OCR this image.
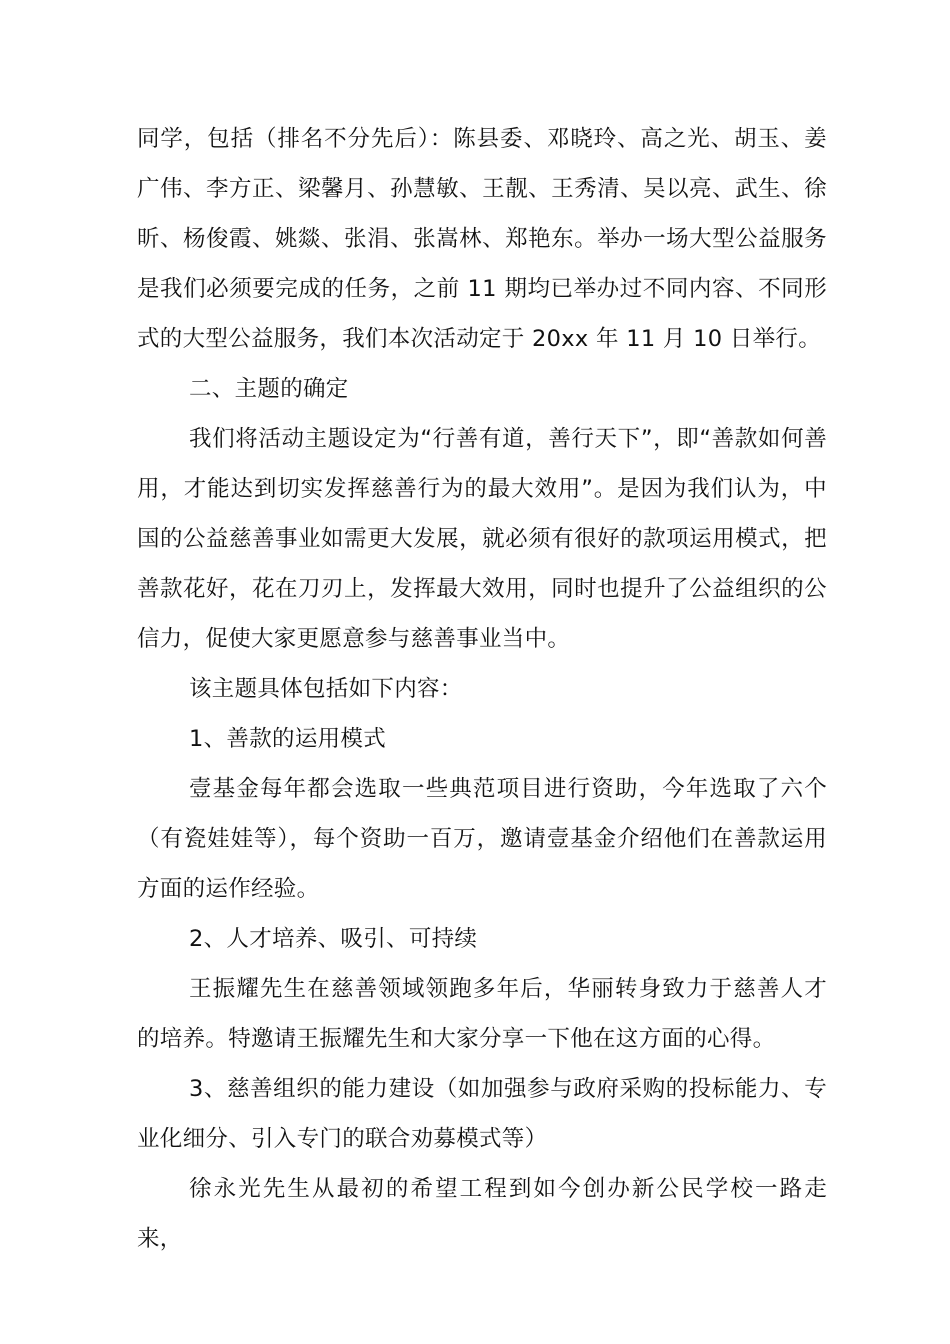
同学，包括（排名不分先后）：陈县委、邓晓玲、高之光、胡玉、姜广伟、李方正、梁馨月、孙慧敏、王靓、王秀清、吴以亮、武生、徐昕、杨俊霞、姚燚、张涓、张嵩林、郑艳东。举办一场大型公益服务是我们必须要完成的任务，之前 11 期均已举办过不同内容、不同形式的大型公益服务，我们本次活动定于 20xx 年 11 月 10 日举行。

二、主题的确定

我们将活动主题设定为“行善有道，善行天下”，即“善款如何善用，才能达到切实发挥慈善行为的最大效用”。是因为我们认为，中国的公益慈善事业如需更大发展，就必须有很好的款项运用模式，把善款花好，花在刀刃上，发挥最大效用，同时也提升了公益组织的公信力，促使大家更愿意参与慈善事业当中。

该主题具体包括如下内容：

1、善款的运用模式

壹基金每年都会选取一些典范项目进行资助，今年选取了六个（有瓷娃娃等），每个资助一百万，邀请壹基金介绍他们在善款运用方面的运作经验。

2、人才培养、吸引、可持续

王振耀先生在慈善领域领跑多年后，华丽转身致力于慈善人才的培养。特邀请王振耀先生和大家分享一下他在这方面的心得。

3、慈善组织的能力建设（如加强参与政府采购的投标能力、专业化细分、引入专门的联合劝募模式等）

徐永光先生从最初的希望工程到如今创办新公民学校一路走来，
